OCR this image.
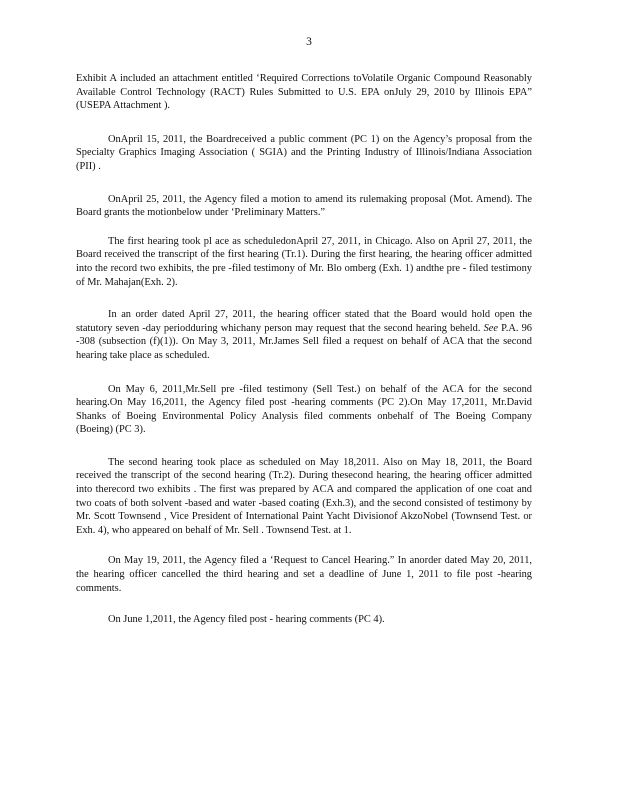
3

Exhibit A included an attachment entitled ‘Required Corrections toVolatile Organic Compound Reasonably Available Control Technology (RACT) Rules Submitted to U.S. EPA onJuly 29, 2010 by Illinois EPA” (USEPA Attachment ).

OnApril 15, 2011, the Boardreceived a public comment (PC 1) on the Agency’s proposal from the Specialty Graphics Imaging Association ( SGIA) and the Printing Industry of Illinois/Indiana Association (PII) .

OnApril 25, 2011, the Agency filed a motion to amend its rulemaking proposal (Mot. Amend). The Board grants the motionbelow under ‘Preliminary Matters.”

The first hearing took pl ace as scheduledonApril 27, 2011, in Chicago. Also on April 27, 2011, the Board received the transcript of the first hearing (Tr.1). During the first hearing, the hearing officer admitted into the record two exhibits, the pre -filed testimony of Mr. Blo omberg (Exh. 1) andthe pre - filed testimony of Mr. Mahajan(Exh. 2).

In an order dated April 27, 2011, the hearing officer stated that the Board would hold open the statutory seven -day periodduring whichany person may request that the second hearing beheld. See P.A. 96 -308 (subsection (f)(1)). On May 3, 2011, Mr.James Sell filed a request on behalf of ACA that the second hearing take place as scheduled.

On May 6, 2011,Mr.Sell pre -filed testimony (Sell Test.) on behalf of the ACA for the second hearing.On May 16,2011, the Agency filed post -hearing comments (PC 2).On May 17,2011, Mr.David Shanks of Boeing Environmental Policy Analysis filed comments onbehalf of The Boeing Company (Boeing) (PC 3).

The second hearing took place as scheduled on May 18,2011. Also on May 18, 2011, the Board received the transcript of the second hearing (Tr.2). During thesecond hearing, the hearing officer admitted into therecord two exhibits . The first was prepared by ACA and compared the application of one coat and two coats of both solvent -based and water -based coating (Exh.3), and the second consisted of testimony by Mr. Scott Townsend , Vice President of International Paint Yacht Divisionof AkzoNobel (Townsend Test. or Exh. 4), who appeared on behalf of Mr. Sell . Townsend Test. at 1.

On May 19, 2011, the Agency filed a ‘Request to Cancel Hearing.” In anorder dated May 20, 2011, the hearing officer cancelled the third hearing and set a deadline of June 1, 2011 to file post -hearing comments.

On June 1,2011, the Agency filed post - hearing comments (PC 4).
